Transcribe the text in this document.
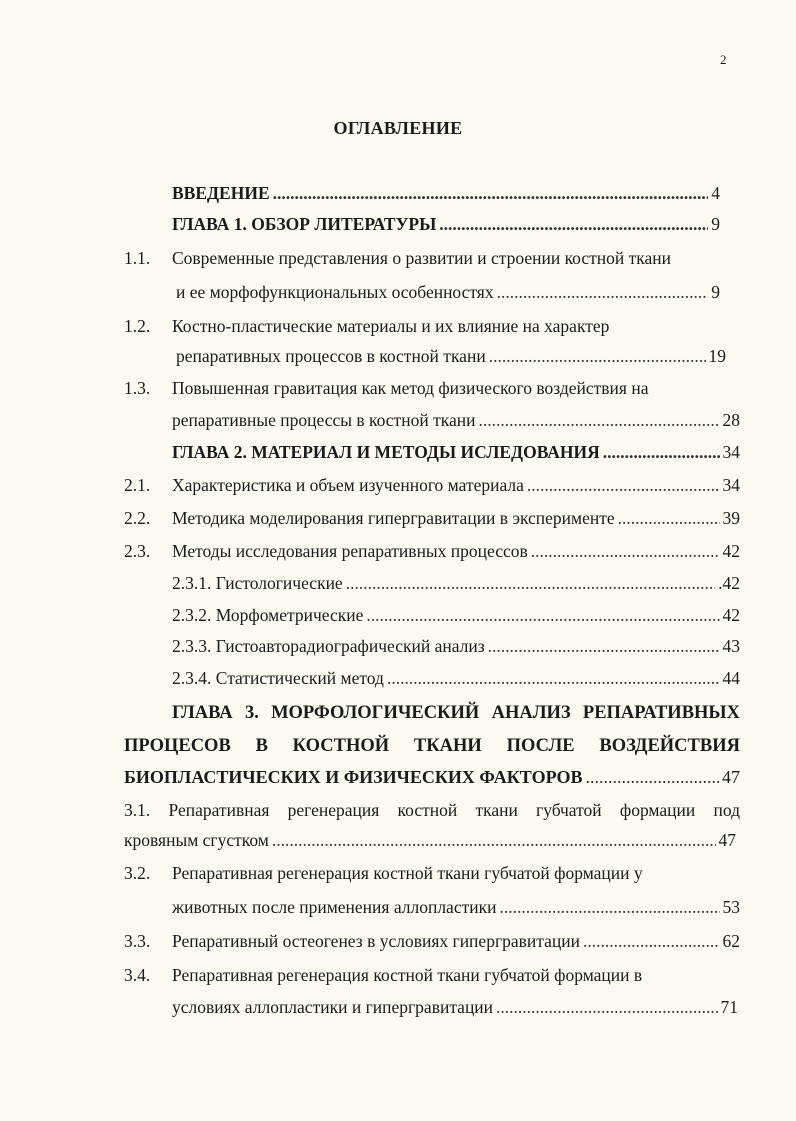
2
ОГЛАВЛЕНИЕ
ВВЕДЕНИЕ .....	4
ГЛАВА 1. ОБЗОР ЛИТЕРАТУРЫ .....	9
1.1. Современные представления о развитии и строении костной ткани
и ее морфофункциональных особенностях .....	9
1.2. Костно-пластические материалы и их влияние на характер
репаративных процессов в костной ткани .....	19
1.3. Повышенная гравитация как метод физического воздействия на
репаративные процессы в костной ткани .....	28
ГЛАВА 2. МАТЕРИАЛ И МЕТОДЫ ИСЛЕДОВАНИЯ .....	34
2.1. Характеристика и объем изученного материала .....	34
2.2. Методика моделирования гипергравитации в эксперименте .....	39
2.3. Методы исследования репаративных процессов .....	42
2.3.1. Гистологические .....	.42
2.3.2. Морфометрические .....	42
2.3.3. Гистоавторадиографический анализ .....	43
2.3.4. Статистический метод .....	44
ГЛАВА 3. МОРФОЛОГИЧЕСКИЙ АНАЛИЗ РЕПАРАТИВНЫХ
ПРОЦЕСОВ В КОСТНОЙ ТКАНИ ПОСЛЕ ВОЗДЕЙСТВИЯ
БИОПЛАСТИЧЕСКИХ И ФИЗИЧЕСКИХ ФАКТОРОВ .....	47
3.1. Репаративная регенерация костной ткани губчатой формации под
кровяным сгустком .....	47
3.2. Репаративная регенерация костной ткани губчатой формации у
животных после применения аллопластики .....	53
3.3. Репаративный остеогенез в условиях гипергравитации .....	62
3.4. Репаративная регенерация костной ткани губчатой формации в
условиях аллопластики и гипергравитации .....	71
